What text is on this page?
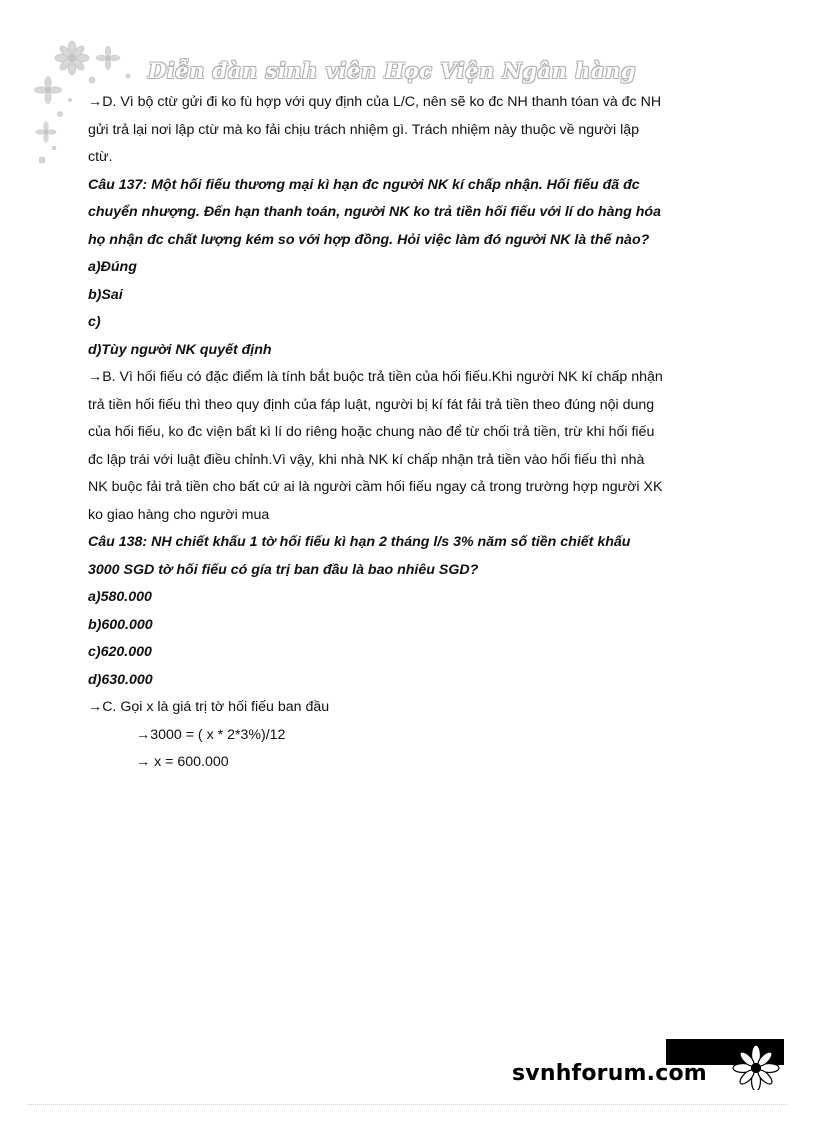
Diễn đàn sinh viên Học Viện Ngân hàng

→D. Vì bộ ctừ gửi đi ko fù hợp với quy định của L/C, nên sẽ ko đc NH thanh tóan và đc NH

gửi trả lại nơi lập ctừ mà ko fải chịu trách nhiệm gì. Trách nhiệm này thuộc về người lập

ctừ.

Câu 137: Một hối fiếu thương mại kì hạn đc người NK kí chấp nhận. Hối fiếu đã đc

chuyển nhượng. Đến hạn thanh toán, người NK ko trả tiền hối fiếu với lí do hàng hóa

họ nhận đc chất lượng kém so với hợp đồng. Hỏi việc làm đó người NK là thế nào?

a)Đúng

b)Sai

c)

d)Tùy người NK quyết định

→B. Vì hối fiếu có đặc điểm là tính bắt buộc trả tiền của hối fiếu.Khi người NK kí chấp nhận

trả tiền hối fiếu thì theo quy định của fáp luật, người bị kí fát fải trả tiền theo đúng nội dung

của hối fiếu, ko đc viện bất kì lí do riêng hoặc chung nào để từ chối trả tiền, trừ khi hối fiếu

đc lập trái với luật điều chỉnh.Vì vậy, khi nhà NK kí chấp nhận trả tiền vào hối fiếu thì nhà

NK buộc fải trả tiền cho bất cứ ai là người cầm hối fiếu ngay cả trong trường hợp người XK

ko giao hàng cho người mua

Câu 138: NH chiết khấu 1 tờ hối fiếu kì hạn 2 tháng l/s 3% năm số tiền chiết khấu

3000 SGD tờ hối fiếu có gía trị ban đầu là bao nhiêu SGD?

a)580.000

b)600.000

c)620.000

d)630.000

→C. Gọi x là giá trị tờ hối fiếu ban đầu

→3000 = ( x * 2*3%)/12

→ x = 600.000

svnhforum.com
